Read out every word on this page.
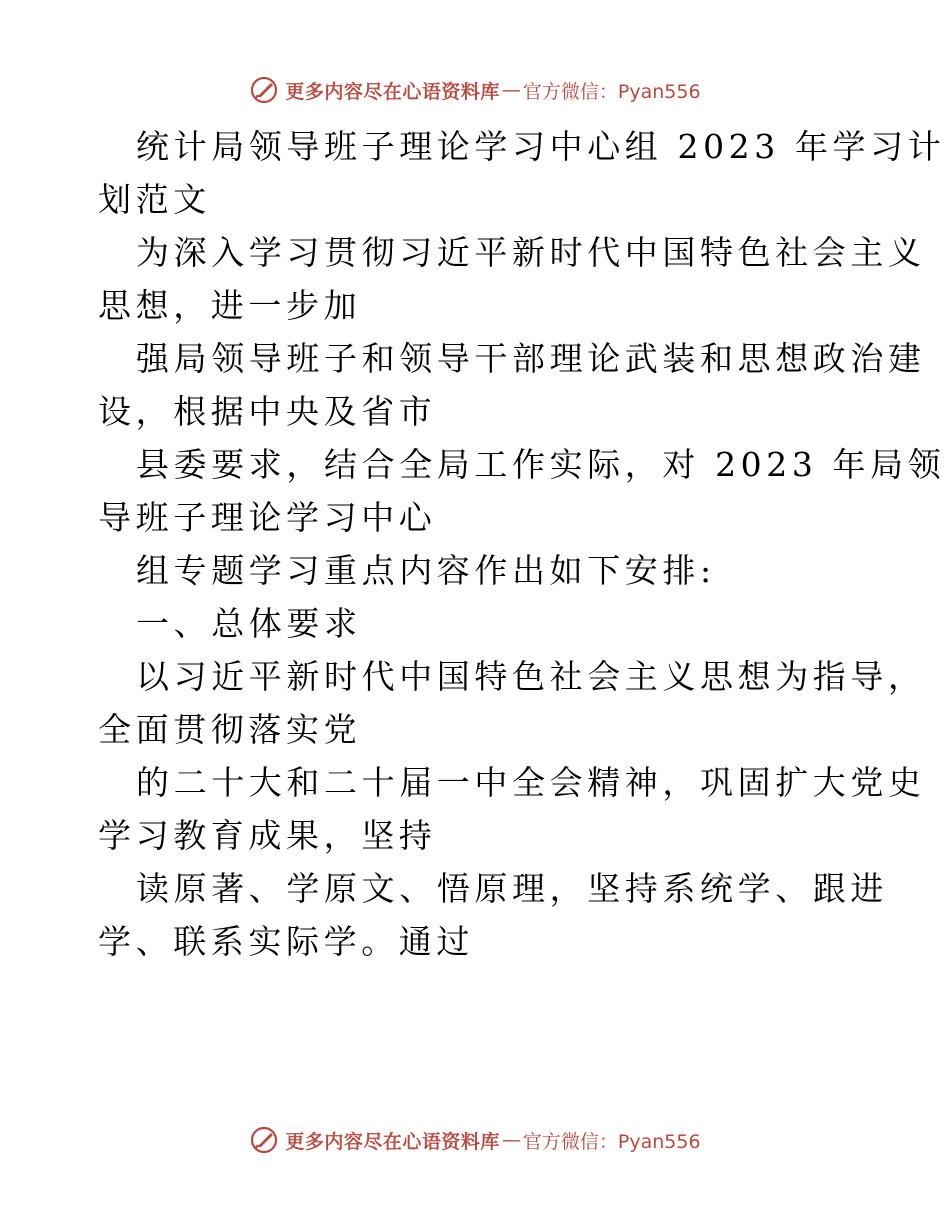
更多内容尽在心语资料库 — 官方微信：Pyan556
统计局领导班子理论学习中心组 2023 年学习计
划范文
为深入学习贯彻习近平新时代中国特色社会主义
思想，进一步加
强局领导班子和领导干部理论武装和思想政治建
设，根据中央及省市
县委要求，结合全局工作实际，对 2023 年局领
导班子理论学习中心
组专题学习重点内容作出如下安排:
一、总体要求
以习近平新时代中国特色社会主义思想为指导，
全面贯彻落实党
的二十大和二十届一中全会精神，巩固扩大党史
学习教育成果，坚持
读原著、学原文、悟原理，坚持系统学、跟进
学、联系实际学。通过
更多内容尽在心语资料库 — 官方微信：Pyan556
